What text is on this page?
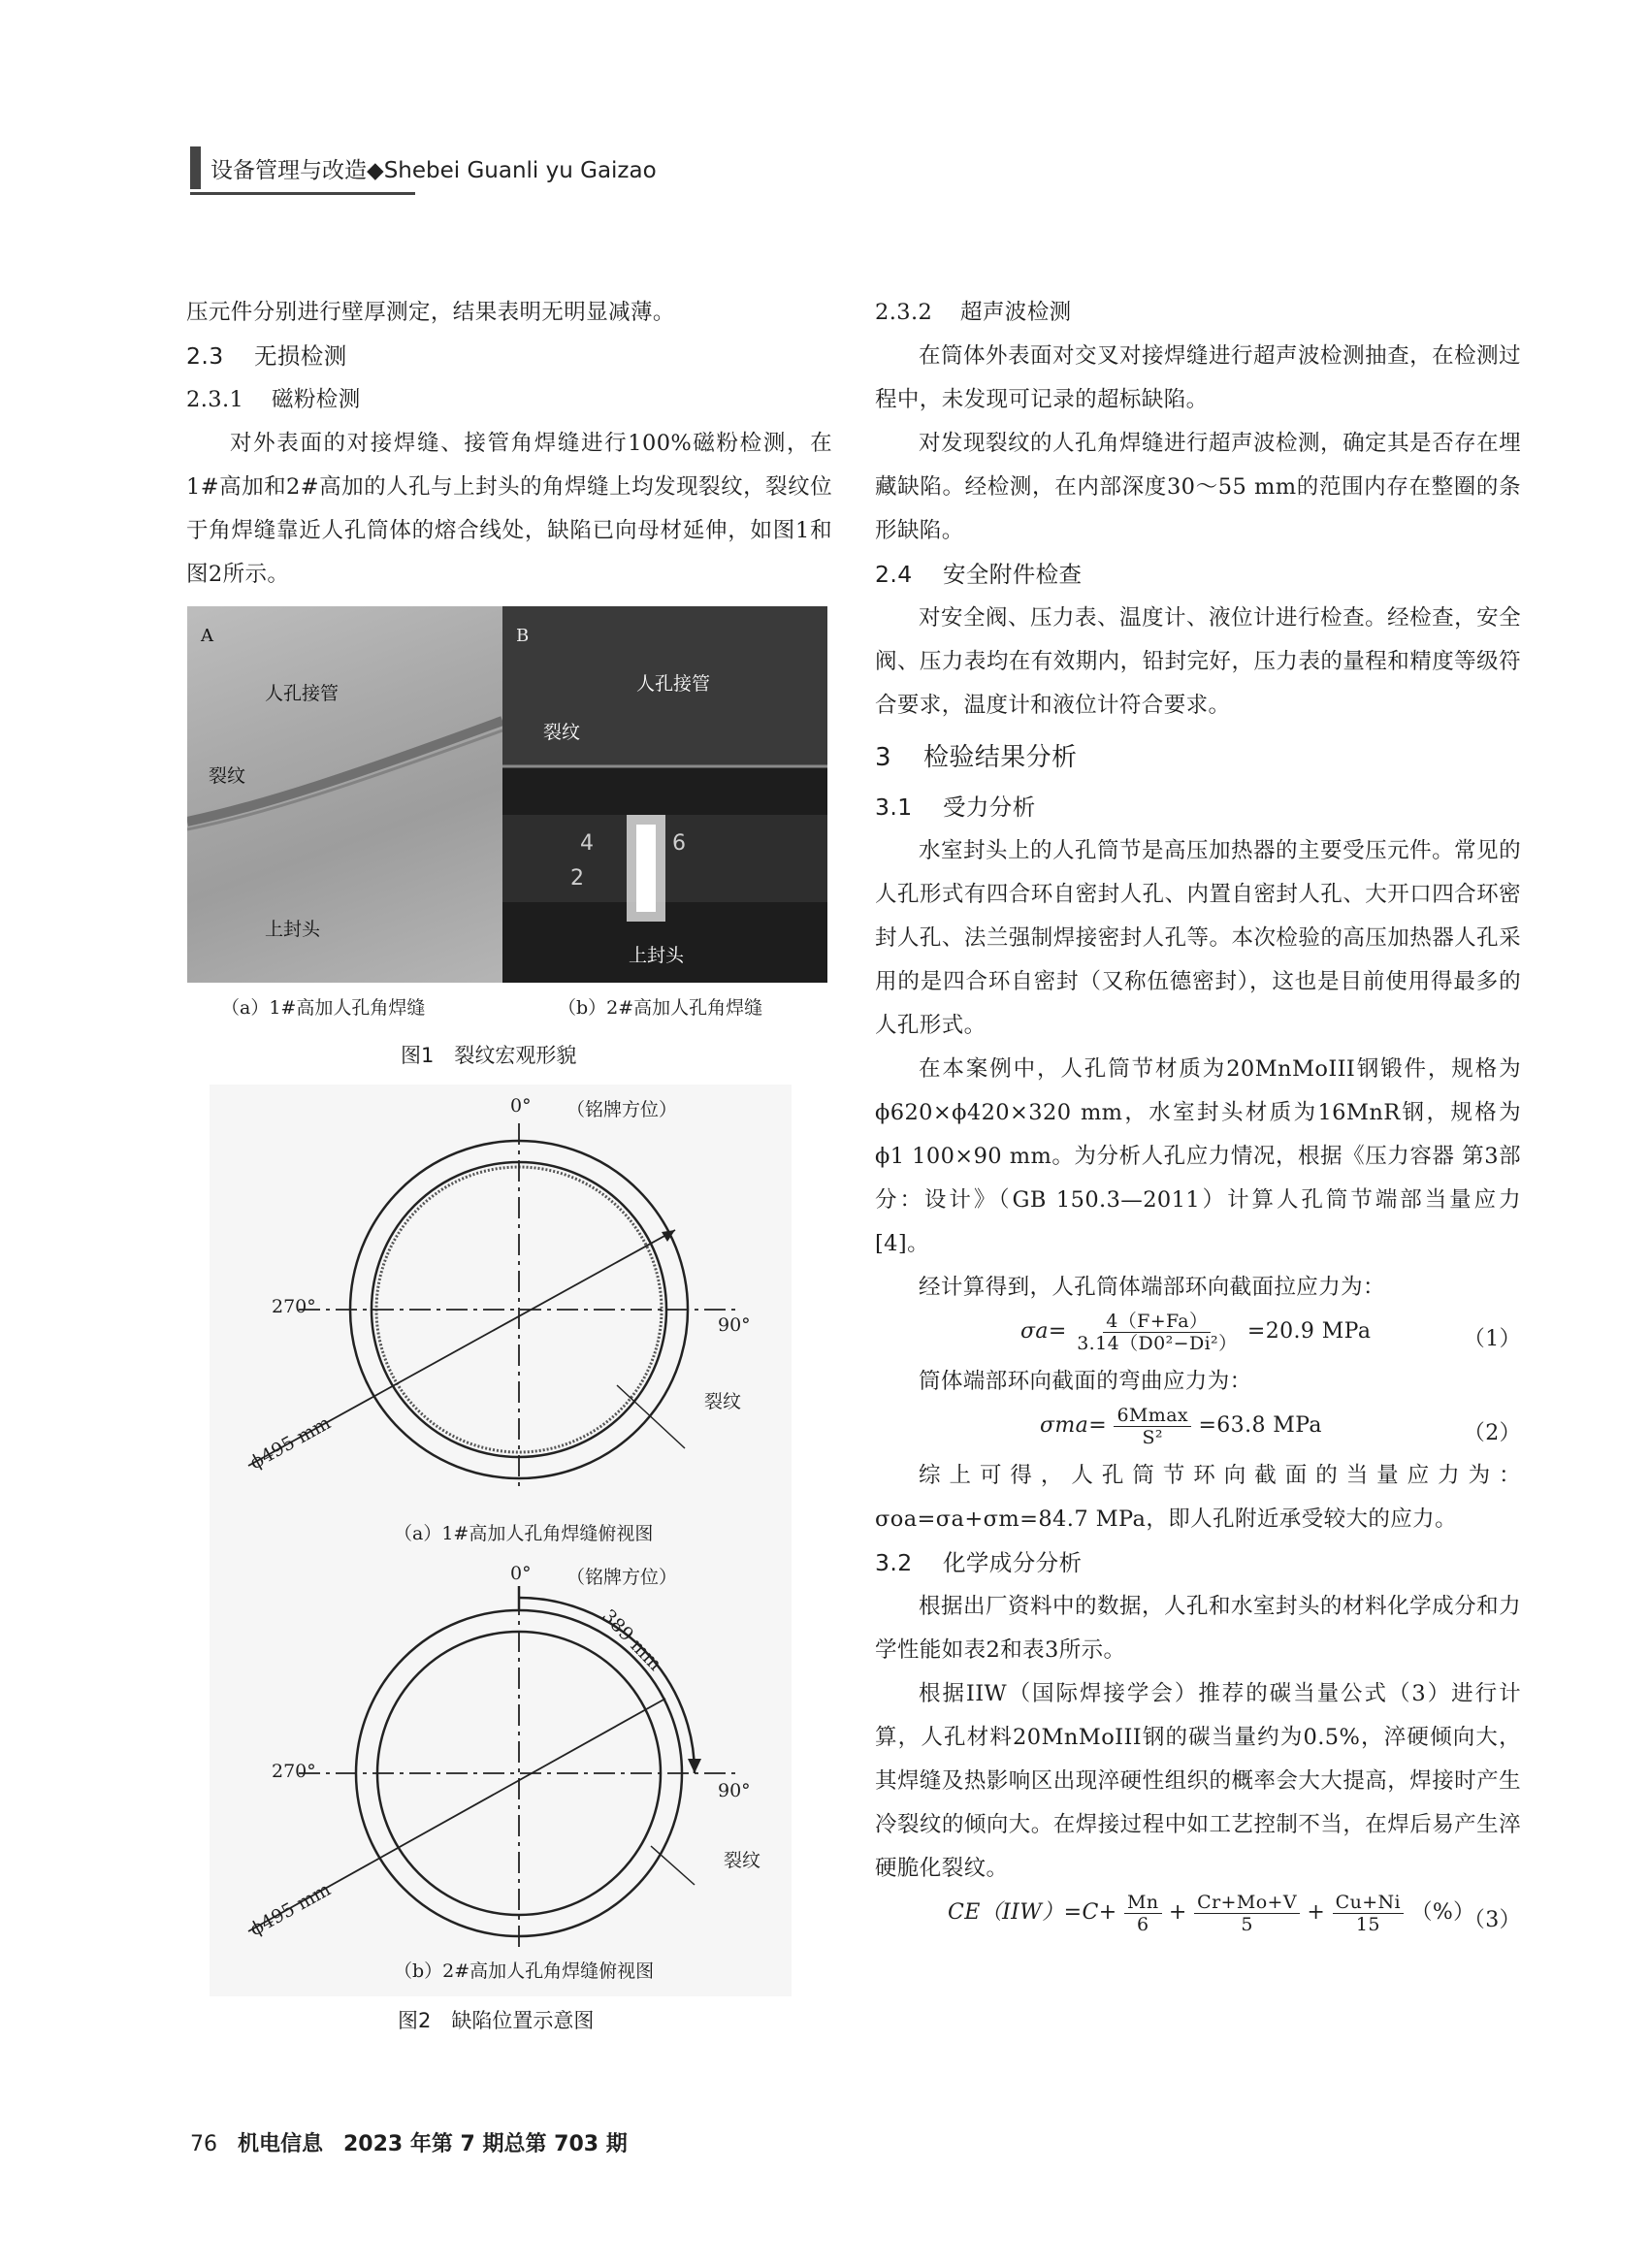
设备管理与改造◆Shebei Guanli yu Gaizao

压元件分别进行壁厚测定，结果表明无明显减薄。

2.3 无损检测
2.3.1 磁粉检测

对外表面的对接焊缝、接管角焊缝进行100%磁粉检测，在1#高加和2#高加的人孔与上封头的角焊缝上均发现裂纹，裂纹位于角焊缝靠近人孔筒体的熔合线处，缺陷已向母材延伸，如图1和图2所示。

A
人孔接管
裂纹
上封头
B
人孔接管
裂纹
4	6
2
上封头
（a）1#高加人孔角焊缝	（b）2#高加人孔角焊缝
图1　裂纹宏观形貌
0° （铭牌方位）
270°
90°
裂纹
ϕ495 mm
（a）1#高加人孔角焊缝俯视图
0° （铭牌方位）
389 mm
270°
90°
裂纹
ϕ495 mm
（b）2#高加人孔角焊缝俯视图
图2　缺陷位置示意图
2.3.2 超声波检测

在筒体外表面对交叉对接焊缝进行超声波检测抽查，在检测过程中，未发现可记录的超标缺陷。

对发现裂纹的人孔角焊缝进行超声波检测，确定其是否存在埋藏缺陷。经检测，在内部深度30～55 mm的范围内存在整圈的条形缺陷。

2.4 安全附件检查

对安全阀、压力表、温度计、液位计进行检查。经检查，安全阀、压力表均在有效期内，铅封完好，压力表的量程和精度等级符合要求，温度计和液位计符合要求。

3 检验结果分析
3.1 受力分析

水室封头上的人孔筒节是高压加热器的主要受压元件。常见的人孔形式有四合环自密封人孔、内置自密封人孔、大开口四合环密封人孔、法兰强制焊接密封人孔等。本次检验的高压加热器人孔采用的是四合环自密封（又称伍德密封），这也是目前使用得最多的人孔形式。

在本案例中，人孔筒节材质为20MnMoIII钢锻件，规格为ϕ620×ϕ420×320 mm，水室封头材质为16MnR钢，规格为ϕ1 100×90 mm。为分析人孔应力情况，根据《压力容器 第3部分：设计》（GB 150.3—2011）计算人孔筒节端部当量应力[4]。

经计算得到，人孔筒体端部环向截面拉应力为：

$\sigma a= \frac{4(F+Fa)}{\text{3.14（D0²−Di²）}} =20.9$ MPa	（1）

筒体端部环向截面的弯曲应力为：

$\sigma ma= \frac{6Mmax}{\text{S²}} =63.8$ MPa	（2）

综上可得，人孔筒节环向截面的当量应力为：σoa=σa+σm=84.7 MPa，即人孔附近承受较大的应力。

3.2 化学成分分析

根据出厂资料中的数据，人孔和水室封头的材料化学成分和力学性能如表2和表3所示。

根据IIW（国际焊接学会）推荐的碳当量公式（3）进行计算，人孔材料20MnMoIII钢的碳当量约为0.5%，淬硬倾向大，其焊缝及热影响区出现淬硬性组织的概率会大大提高，焊接时产生冷裂纹的倾向大。在焊接过程中如工艺控制不当，在焊后易产生淬硬脆化裂纹。

$CE(IIW)=C+ \frac{Mn}{6} + \frac{Cr+Mo+V}{5} + \frac{Cu+Ni}{15}$ （%）
（3）
76 机电信息 2023 年第 7 期总第 703 期
